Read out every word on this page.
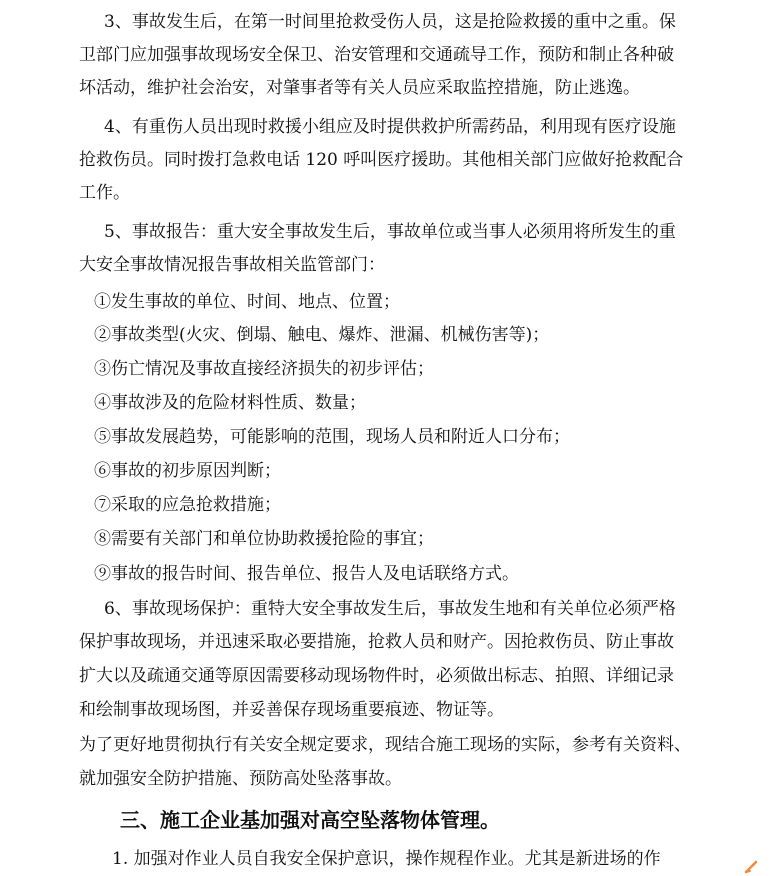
3、事故发生后，在第一时间里抢救受伤人员，这是抢险救援的重中之重。保
卫部门应加强事故现场安全保卫、治安管理和交通疏导工作，预防和制止各种破
坏活动，维护社会治安，对肇事者等有关人员应采取监控措施，防止逃逸。
4、有重伤人员出现时救援小组应及时提供救护所需药品，利用现有医疗设施
抢救伤员。同时拨打急救电话 120 呼叫医疗援助。其他相关部门应做好抢救配合
工作。
5、事故报告：重大安全事故发生后，事故单位或当事人必须用将所发生的重
大安全事故情况报告事故相关监管部门：
①发生事故的单位、时间、地点、位置；
②事故类型(火灾、倒塌、触电、爆炸、泄漏、机械伤害等)；
③伤亡情况及事故直接经济损失的初步评估；
④事故涉及的危险材料性质、数量；
⑤事故发展趋势，可能影响的范围，现场人员和附近人口分布；
⑥事故的初步原因判断；
⑦采取的应急抢救措施；
⑧需要有关部门和单位协助救援抢险的事宜；
⑨事故的报告时间、报告单位、报告人及电话联络方式。
6、事故现场保护：重特大安全事故发生后，事故发生地和有关单位必须严格
保护事故现场，并迅速采取必要措施，抢救人员和财产。因抢救伤员、防止事故
扩大以及疏通交通等原因需要移动现场物件时，必须做出标志、拍照、详细记录
和绘制事故现场图，并妥善保存现场重要痕迹、物证等。
为了更好地贯彻执行有关安全规定要求，现结合施工现场的实际，参考有关资料、
就加强安全防护措施、预防高处坠落事故。
三、施工企业基加强对高空坠落物体管理。
1. 加强对作业人员自我安全保护意识，操作规程作业。尤其是新进场的作
